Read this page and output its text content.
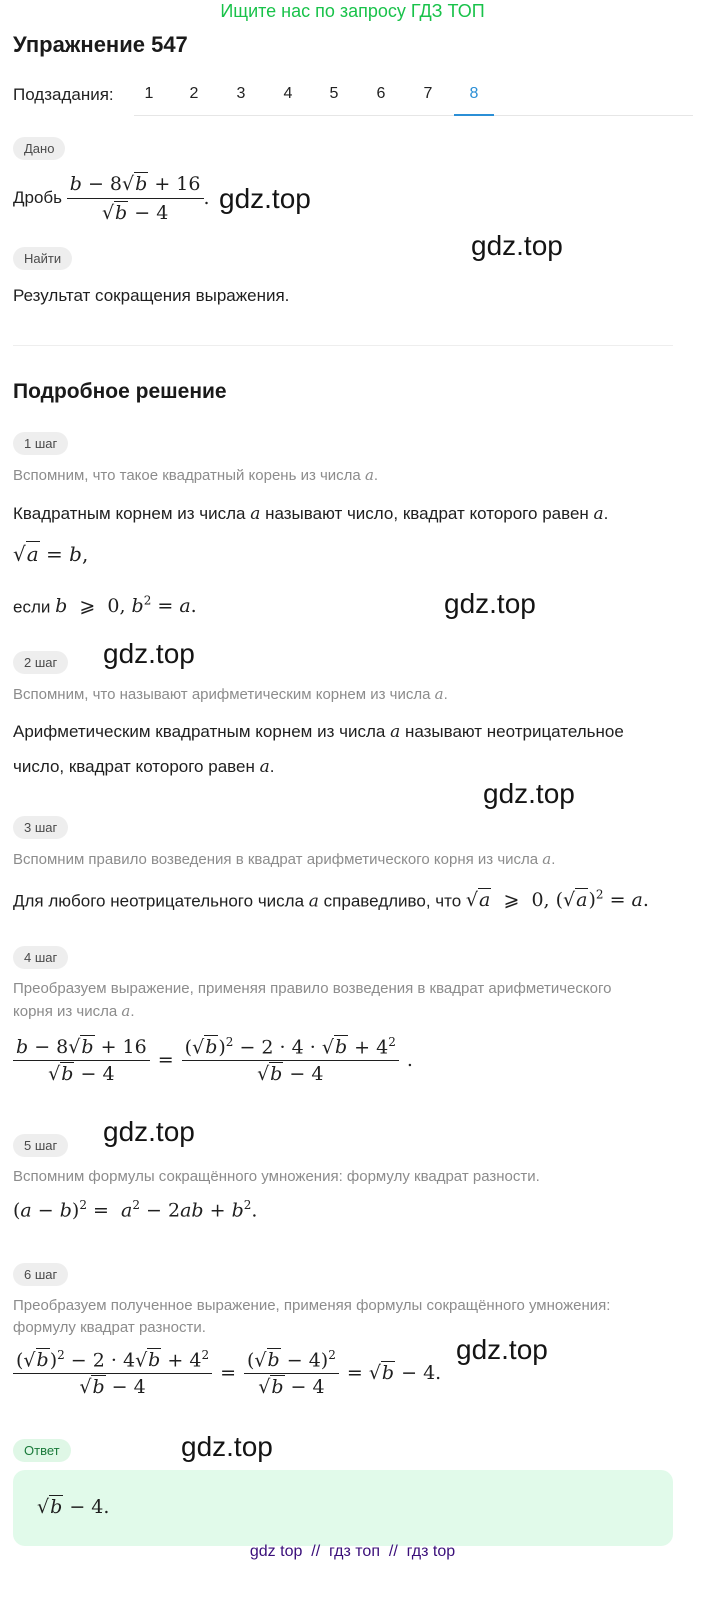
Ищите нас по запросу ГДЗ ТОП
Упражнение 547
Подзадания:	1	2	3	4	5	6	7	8
Дано
Дробь
$\frac{b - 8√b + 16}{√b - 4}$ .
Найти
Результат сокращения выражения.
Подробное решение
1 шаг
Вспомним, что такое квадратный корень из числа a.
Квадратным корнем из числа a называют число, квадрат которого равен a.
√a = b,
если b  ⩾  0, $b^2 = a$.
2 шаг
Вспомним, что называют арифметическим корнем из числа a.
Арифметическим квадратным корнем из числа a называют неотрицательное
число, квадрат которого равен a.
3 шаг
Вспомним правило возведения в квадрат арифметического корня из числа a.
Для любого неотрицательного числа a справедливо, что √a  ⩾  0, $(√a)^2 = a$.
4 шаг
Преобразуем выражение, применяя правило возведения в квадрат арифметического
корня из числа a.
$\frac{b - 8√b + 16}{√b - 4} = \frac{(√b)^2 - 2 \cdot 4 \cdot √b + 4^2}{√b - 4}$ .
5 шаг
Вспомним формулы сокращённого умножения: формулу квадрат разности.
$(a - b)^2 = a^2 - 2ab + b^2$.
6 шаг
Преобразуем полученное выражение, применяя формулы сокращённого умножения:
формулу квадрат разности.
$\frac{(√b)^2 - 2 \cdot 4√b + 4^2}{√b - 4} = \frac{(√b - 4)^2}{√b - 4} = √b - 4$.
Ответ
√b − 4.
gdz.top
gdz.top
gdz.top
gdz.top
gdz.top
gdz.top
gdz.top
gdz.top
gdz top  //  гдз топ  //  гдз top
